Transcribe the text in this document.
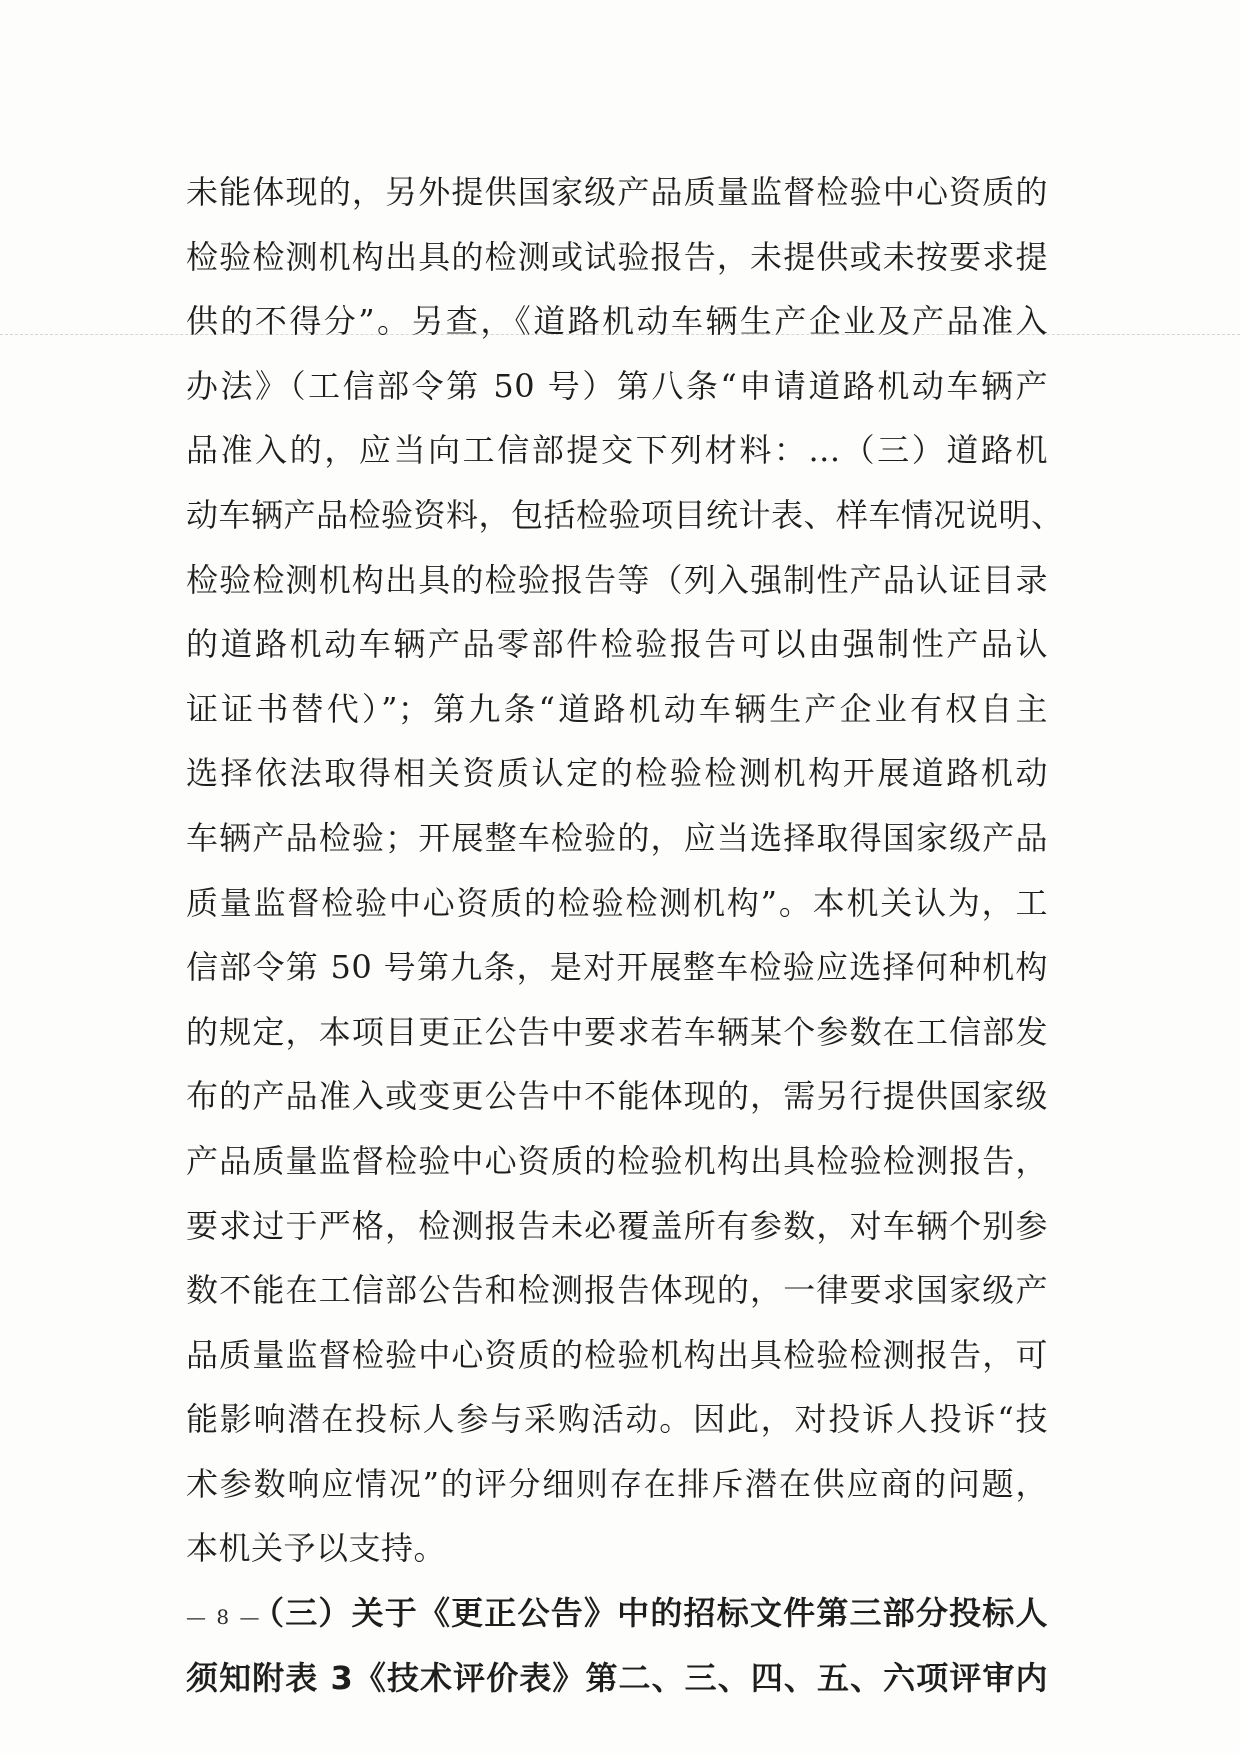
未能体现的，另外提供国家级产品质量监督检验中心资质的
检验检测机构出具的检测或试验报告，未提供或未按要求提
供的不得分”。另查，《道路机动车辆生产企业及产品准入
办法》（工信部令第 50 号）第八条“申请道路机动车辆产
品准入的，应当向工信部提交下列材料：...（三）道路机
动车辆产品检验资料，包括检验项目统计表、样车情况说明、
检验检测机构出具的检验报告等（列入强制性产品认证目录
的道路机动车辆产品零部件检验报告可以由强制性产品认
证证书替代）”；第九条“道路机动车辆生产企业有权自主
选择依法取得相关资质认定的检验检测机构开展道路机动
车辆产品检验；开展整车检验的，应当选择取得国家级产品
质量监督检验中心资质的检验检测机构”。本机关认为，工
信部令第 50 号第九条，是对开展整车检验应选择何种机构
的规定，本项目更正公告中要求若车辆某个参数在工信部发
布的产品准入或变更公告中不能体现的，需另行提供国家级
产品质量监督检验中心资质的检验机构出具检验检测报告，
要求过于严格，检测报告未必覆盖所有参数，对车辆个别参
数不能在工信部公告和检测报告体现的，一律要求国家级产
品质量监督检验中心资质的检验机构出具检验检测报告，可
能影响潜在投标人参与采购活动。因此，对投诉人投诉“技
术参数响应情况”的评分细则存在排斥潜在供应商的问题，
本机关予以支持。
（三）关于《更正公告》中的招标文件第三部分投标人
须知附表 3《技术评价表》第二、三、四、五、六项评审内
— 8 —
